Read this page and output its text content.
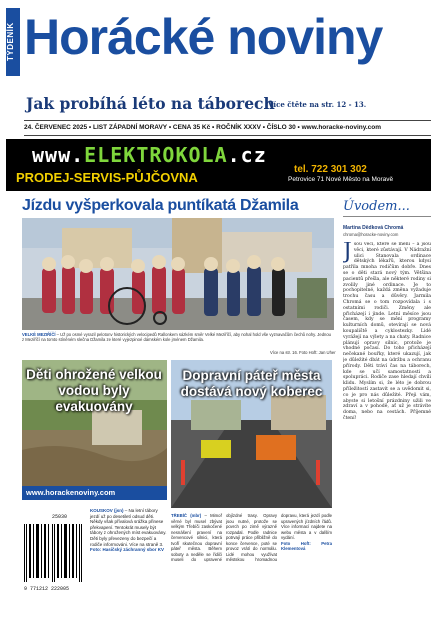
TÝDENÍK Horácké noviny
Jak probíhá léto na táborech
Více čtěte na str. 12 - 13.
24. ČERVENEC 2025 • LIST ZÁPADNÍ MORAVY • CENA 35 Kč • ROČNÍK XXXV • ČÍSLO 30 • www.horacke-noviny.com
www.ELEKTROKOLA.cz
PRODEJ-SERVIS-PŮJČOVNA
tel. 722 301 302
Petrovice 71 Nové Město na Moravě
Jízdu vyšperkovala puntíkatá Džamila
VELKÉ MEZIŘÍČÍ – Už po osmé vyrazil pelotonv historických velocipedů Rallonkem sázkém směr Velké Meziříčí, aby nohal hold vše vyznavačům čechů nohy. Jednou z Meziříčí na tomto stíněném slečna Džamila ze které vyjezpinoé dámském kole jménem Džamila.
Více na str. 16. Foto Hoft: Jan Uher
Úvodem...
Martina Dědková Chromá
chroma@horacke-noviny.com
Jsou věci, které se mění – a jsou věci, které zůstávají. V Nádražní ulici Stanovala ordinace dětských lékařů, kterou kdysi patřila mnoha rodičům dobře. Dnes se o děti stará nový tým. Většina pacientů přešla, ale některé rodiny si zvolily jiné ordinace. Je to pochopitelné, každá změna vyžaduje trochu času a důvěry. Jarmila Chromá se o tom rozpovídala i s ostatními rodiči. Změny ale přicházejí i jinde. Letní měsíce jsou časem, kdy se mění programy kulturních domů, otevírají se nová koupaliště a cyklostezky. Lidé vyrážejí na výlety a na chaty. Radnice plánují opravy silnic, protože je vhodné počasí. Do toho přicházejí nečekané bouřky, které ukazují, jak je důležité dbát na údržbu a ochranu přírody. Děti tráví čas na táborech, kde se učí samostatnosti a spolupráci. Rodiče zase hledají chvíli klidu. Myslím si, že léto je dobrou příležitostí zastavit se a uvědomit si, co je pro nás důležité. Přeji vám, abyste si letošní prázdniny užili ve zdraví a v pohodě, ať už je strávíte doma, nebo na cestách. Příjemné čtení!
Děti ohrožené velkou vodou byly evakuovány
www.horackenoviny.com
25030
9 771212 222005
KOUSKOV (jsn) – Na letní tábory jezdí už po desetiletí odsud děti. Někdy však přívalová srážka přinese překvapení. Tentokrát musely být tábory z ohrožených míst evakuovány. Děti byly převezeny do bezpečí a rodiče informováni. Více na straně 3.
Foto: Hasičský záchranný sbor KV
Dopravní páteř města dostává nový koberec
TŘEBÍČ (mbr) – Mimoř věrné byl musel zbývat velkým Třebíči zaskočené nesnášení pravení na červencové silnici, která tvoří skutečnou dopravní páteř města. Během soboty a neděle se řidiči museli do upravené objízdné trasy. Opravy jsou nutné, protože se povrch po zimě výrazně rozpadal. Podle radnice potrvají práce přibližně do konce července, poté se provoz vrátí do normálu. Lidé mohou využívat městskou hromadnou dopravu, která jezdí podle upravených jízdních řádů. Více informací najdete na webu města a v dalším vydání.
Foto Hoft: Petra Klementová
